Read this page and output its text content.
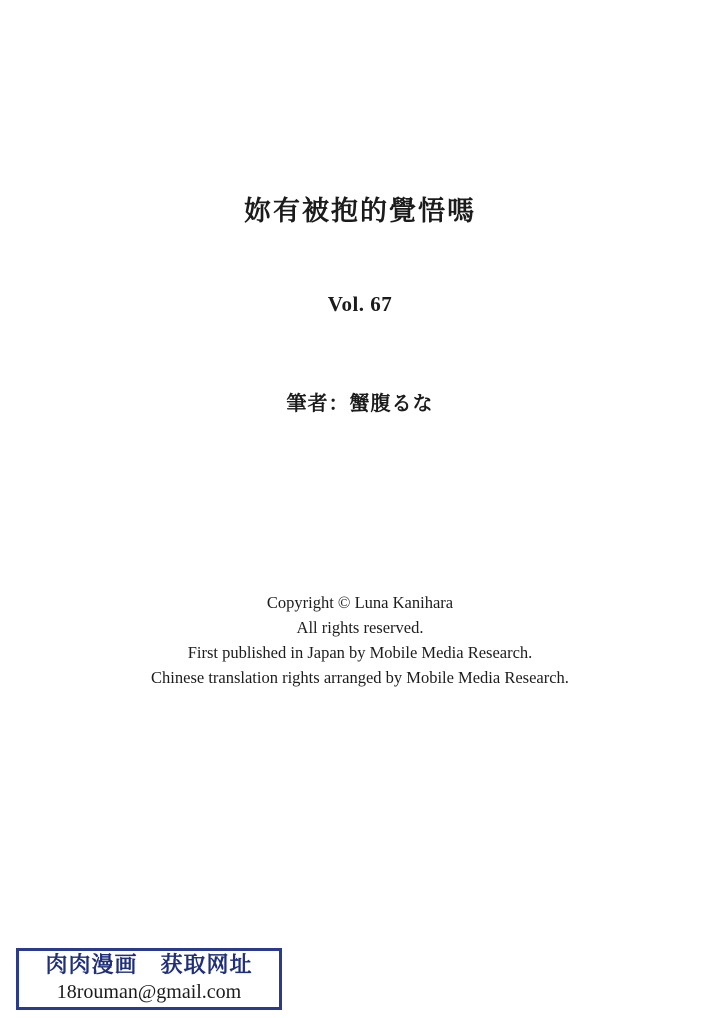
妳有被抱的覺悟嗎
Vol. 67
筆者：蟹腹るな
Copyright © Luna Kanihara
All rights reserved.
First published in Japan by Mobile Media Research.
Chinese translation rights arranged by Mobile Media Research.
肉肉漫画　获取网址
18rouman@gmail.com
